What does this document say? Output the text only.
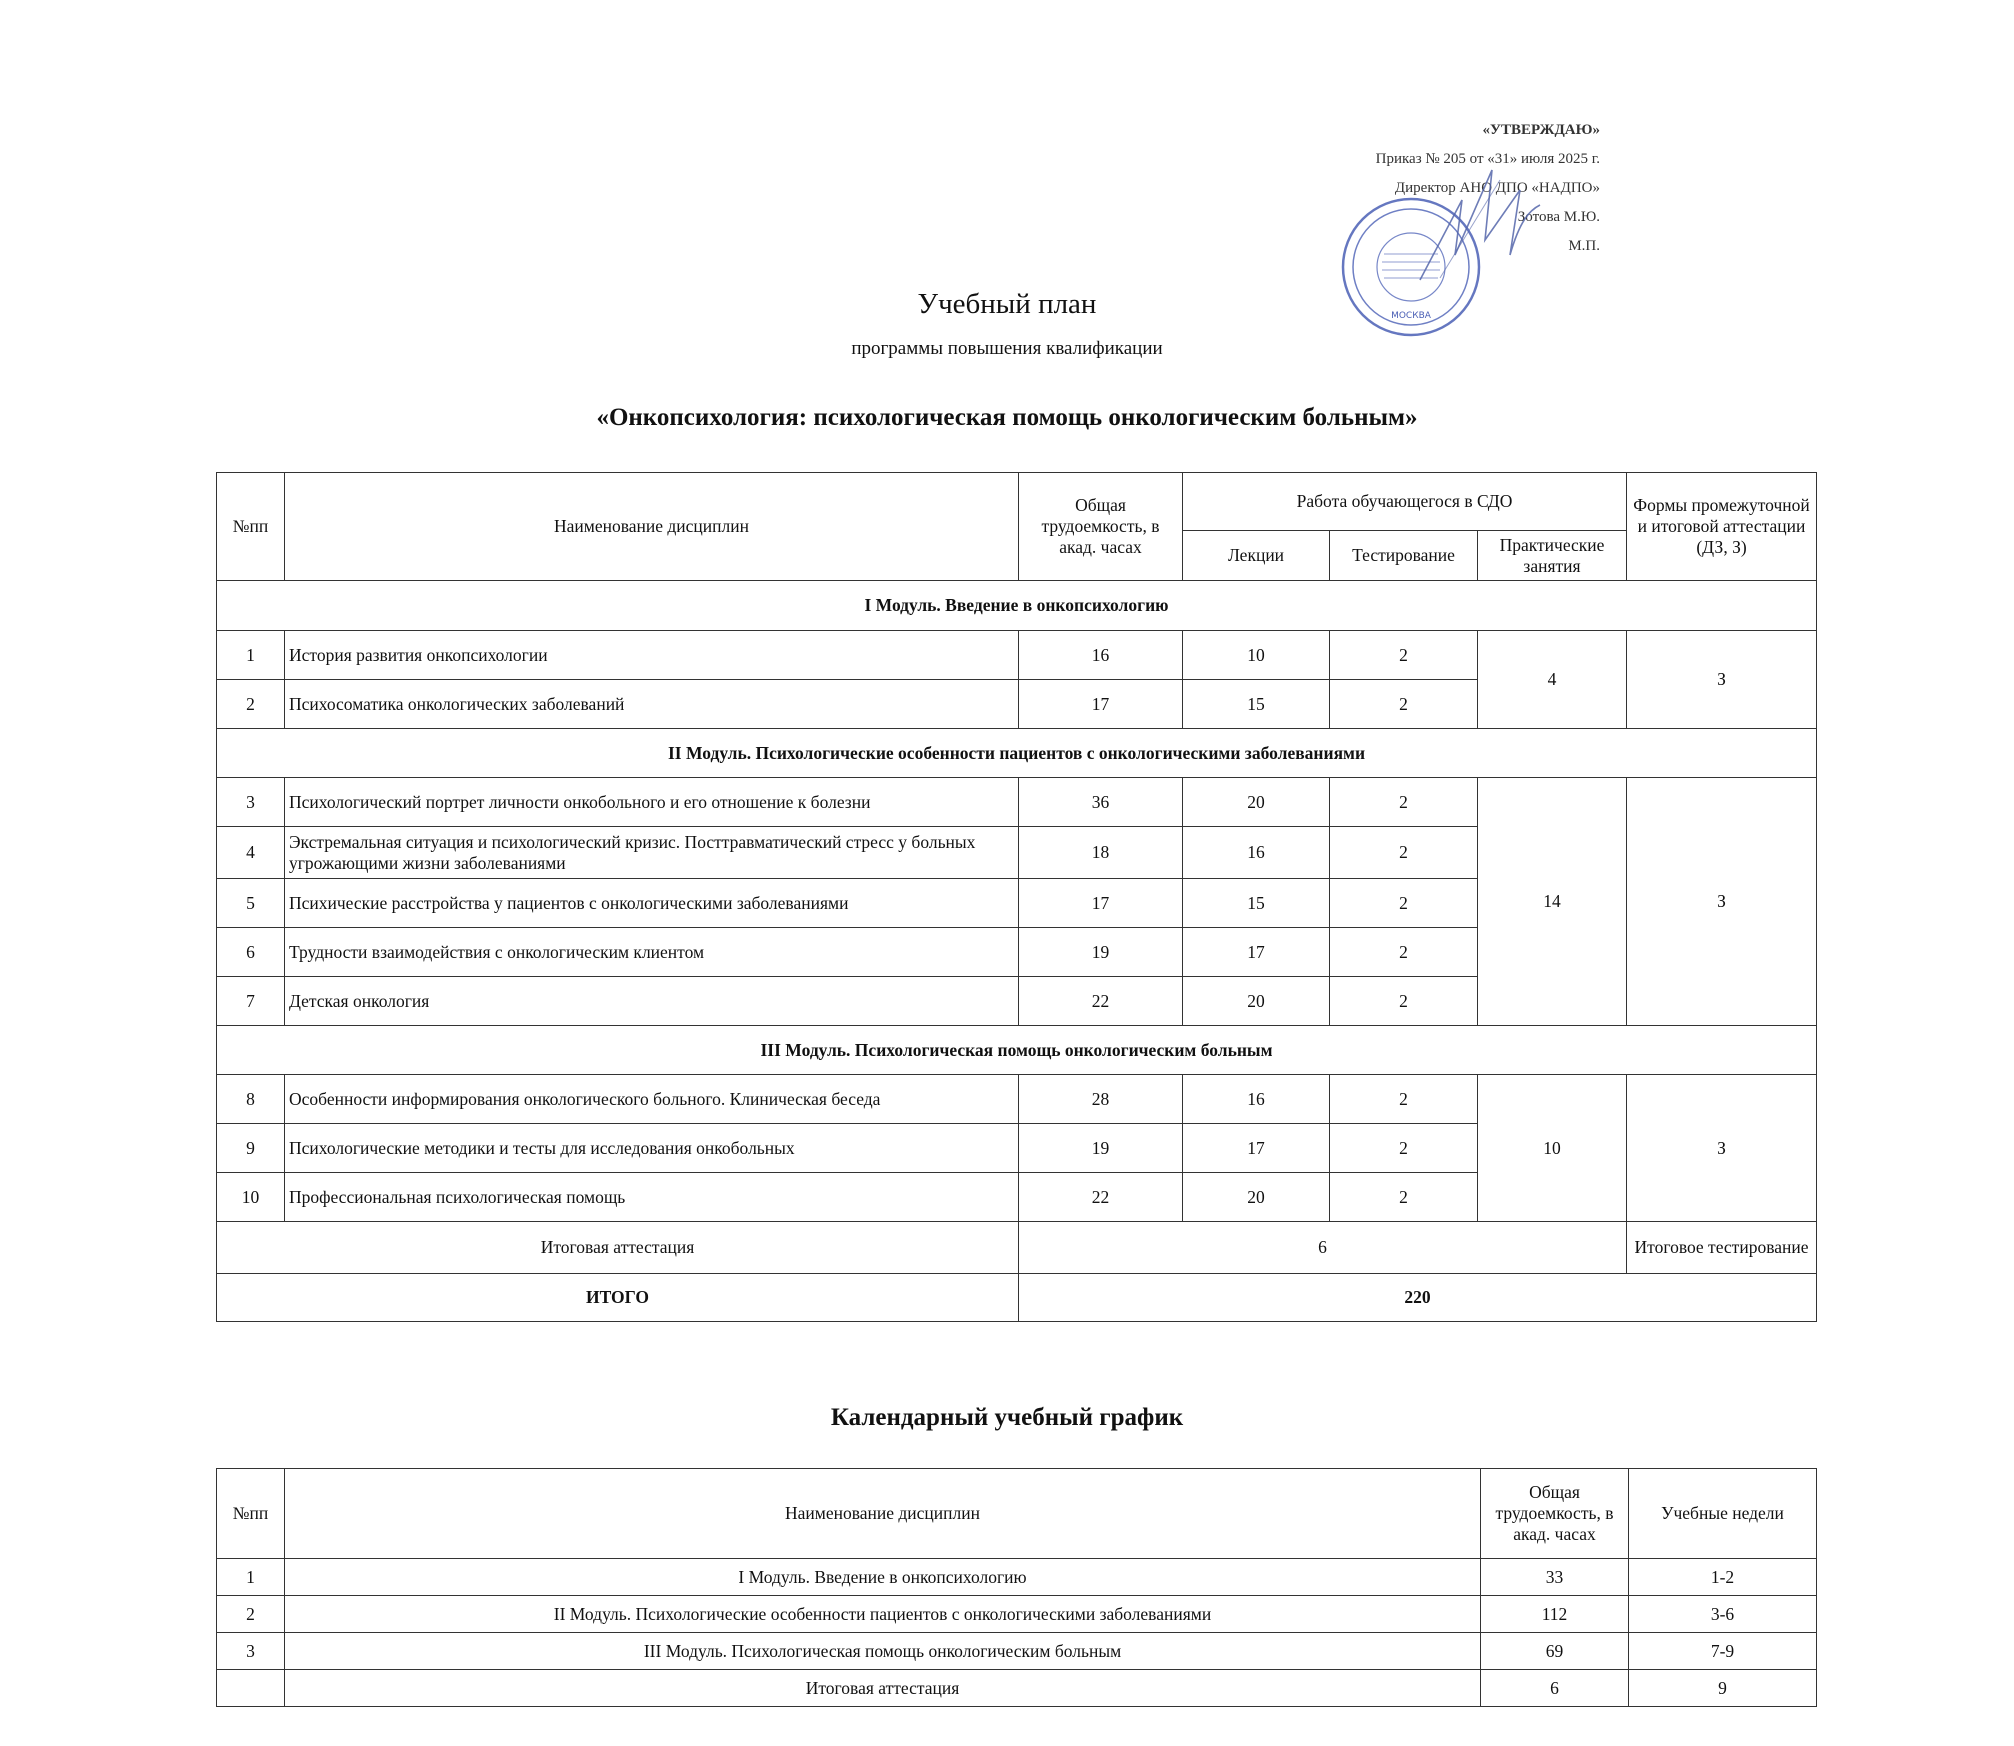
«УТВЕРЖДАЮ»
Приказ № 205 от «31» июля 2025 г.
Директор АНО ДПО «НАДПО»
Зотова М.Ю.
М.П.
МОСКВА
Учебный план
программы повышения квалификации
«Онкопсихология: психологическая помощь онкологическим больным»
№пп	Наименование дисциплин	Общая трудоемкость, в акад. часах	Работа обучающегося в СДО			Формы промежуточной и итоговой аттестации (ДЗ, З)
			Лекции	Тестирование	Практические занятия	
I Модуль. Введение в онкопсихологию						
1	История развития онкопсихологии	16	10	2	4	З
2	Психосоматика онкологических заболеваний	17	15	2		
II Модуль. Психологические особенности пациентов с онкологическими заболеваниями						
3	Психологический портрет личности онкобольного и его отношение к болезни	36	20	2	14	З
4	Экстремальная ситуация и психологический кризис. Посттравматический стресс у больных угрожающими жизни заболеваниями	18	16	2		
5	Психические расстройства у пациентов с онкологическими заболеваниями	17	15	2		
6	Трудности взаимодействия с онкологическим клиентом	19	17	2		
7	Детская онкология	22	20	2		
III Модуль. Психологическая помощь онкологическим больным						
8	Особенности информирования онкологического больного. Клиническая беседа	28	16	2	10	З
9	Психологические методики и тесты для исследования онкобольных	19	17	2		
10	Профессиональная психологическая помощь	22	20	2		
Итоговая аттестация		6				Итоговое тестирование
ИТОГО		220				
Календарный учебный график
№пп	Наименование дисциплин	Общая трудоемкость, в акад. часах	Учебные недели
1	I Модуль. Введение в онкопсихологию	33	1-2
2	II Модуль. Психологические особенности пациентов с онкологическими заболеваниями	112	3-6
3	III Модуль. Психологическая помощь онкологическим больным	69	7-9
	Итоговая аттестация	6	9
